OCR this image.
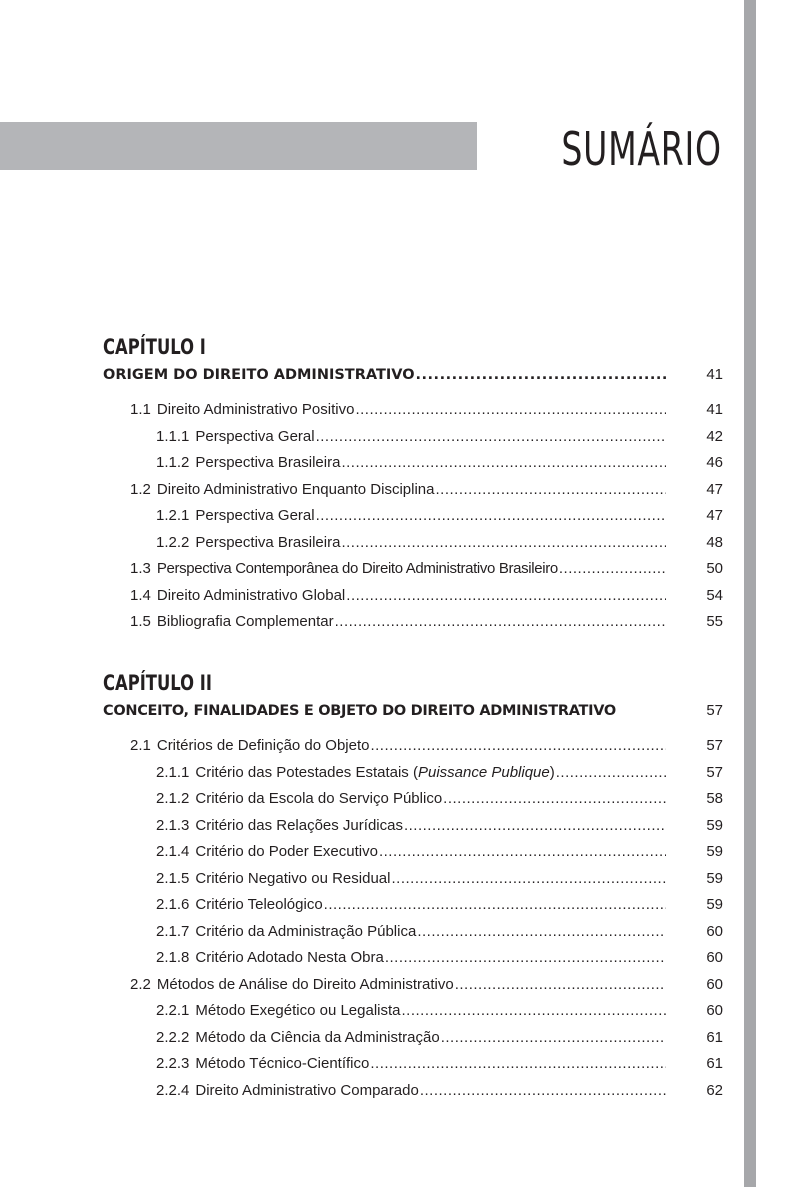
SUMÁRIO
CAPÍTULO I
ORIGEM DO DIREITO ADMINISTRATIVO .....	41
1.1 Direito Administrativo Positivo .....	41
1.1.1 Perspectiva Geral .....	42
1.1.2 Perspectiva Brasileira .....	46
1.2 Direito Administrativo Enquanto Disciplina .....	47
1.2.1 Perspectiva Geral .....	47
1.2.2 Perspectiva Brasileira .....	48
1.3 Perspectiva Contemporânea do Direito Administrativo Brasileiro .....	50
1.4 Direito Administrativo Global .....	54
1.5 Bibliografia Complementar .....	55
CAPÍTULO II
CONCEITO, FINALIDADES E OBJETO DO DIREITO ADMINISTRATIVO	57
2.1 Critérios de Definição do Objeto .....	57
2.1.1 Critério das Potestades Estatais ( Puissance Publique ) .....	57
2.1.2 Critério da Escola do Serviço Público .....	58
2.1.3 Critério das Relações Jurídicas .....	59
2.1.4 Critério do Poder Executivo .....	59
2.1.5 Critério Negativo ou Residual .....	59
2.1.6 Critério Teleológico .....	59
2.1.7 Critério da Administração Pública .....	60
2.1.8 Critério Adotado Nesta Obra .....	60
2.2 Métodos de Análise do Direito Administrativo .....	60
2.2.1 Método Exegético ou Legalista .....	60
2.2.2 Método da Ciência da Administração .....	61
2.2.3 Método Técnico-Científico .....	61
2.2.4 Direito Administrativo Comparado .....	62
